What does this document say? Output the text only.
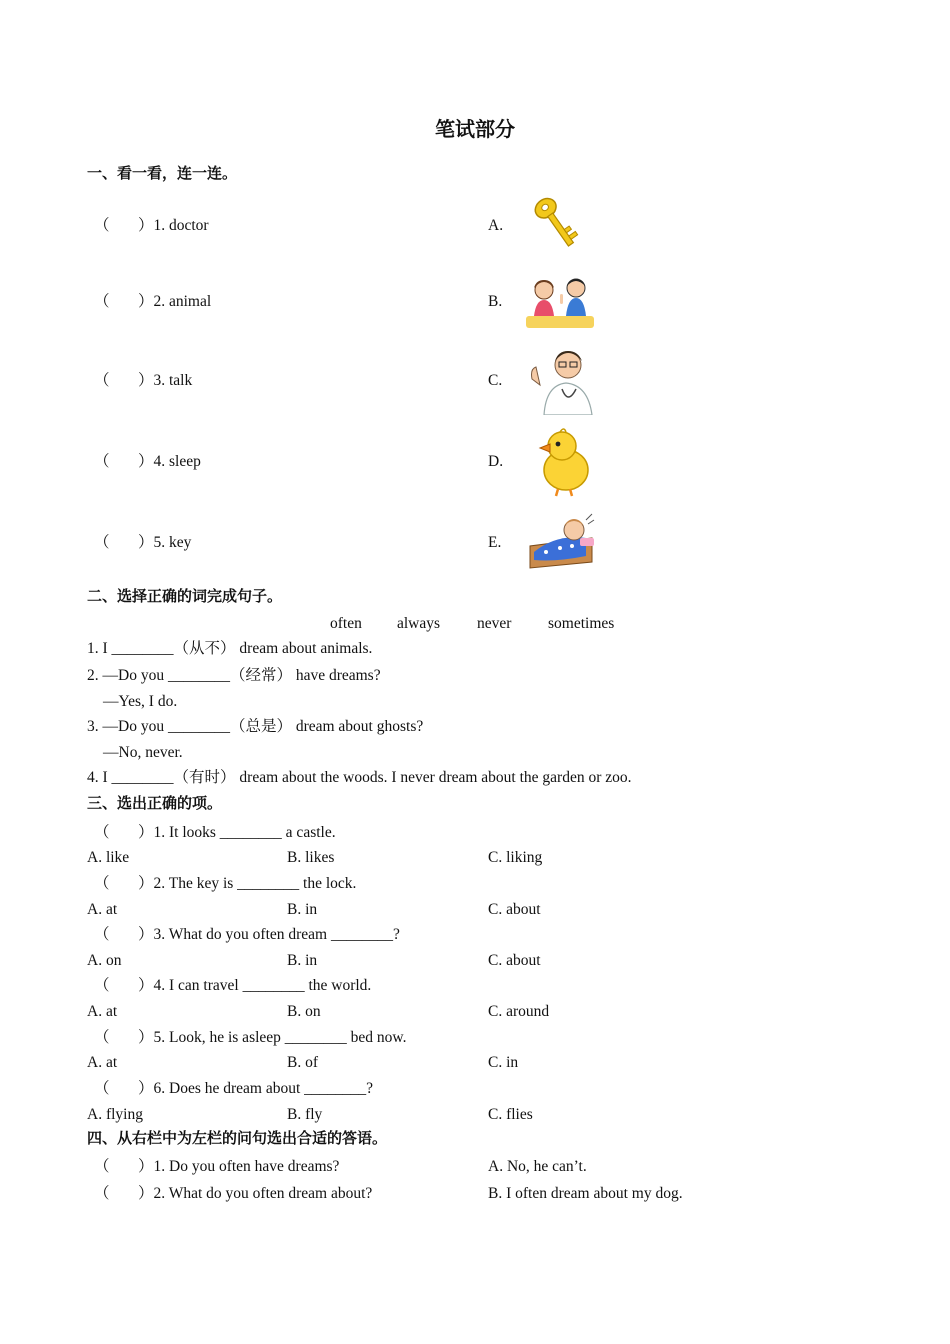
笔试部分
一、看一看，连一连。
（ ）1. doctor	A.
（ ）2. animal	B.
（ ）3. talk	C.
（ ）4. sleep	D.
（ ）5. key	E.
二、选择正确的词完成句子。
often always never sometimes
1. I ________（从不） dream about animals.
2. —Do you ________（经常） have dreams?
—Yes, I do.
3. —Do you ________（总是） dream about ghosts?
—No, never.
4. I ________（有时） dream about the woods. I never dream about the garden or zoo.
三、选出正确的项。
（ ）1. It looks ________ a castle.
A. like	B. likes	C. liking
（ ）2. The key is ________ the lock.
A. at	B. in	C. about
（ ）3. What do you often dream ________?
A. on	B. in	C. about
（ ）4. I can travel ________ the world.
A. at	B. on	C. around
（ ）5. Look, he is asleep ________ bed now.
A. at	B. of	C. in
（ ）6. Does he dream about ________?
A. flying	B. fly	C. flies
四、从右栏中为左栏的问句选出合适的答语。
（ ）1. Do you often have dreams?	A. No, he can’t.
（ ）2. What do you often dream about?	B. I often dream about my dog.
